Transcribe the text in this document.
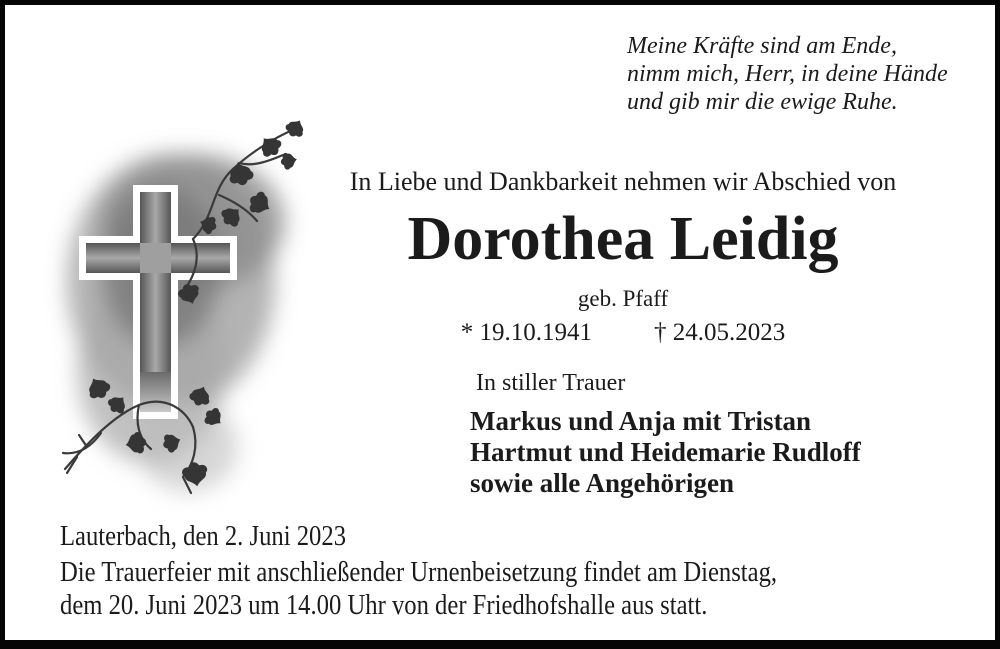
Meine Kräfte sind am Ende,
nimm mich, Herr, in deine Hände
und gib mir die ewige Ruhe.
In Liebe und Dankbarkeit nehmen wir Abschied von
Dorothea Leidig
geb. Pfaff
* 19.10.1941 † 24.05.2023
In stiller Trauer
Markus und Anja mit Tristan
Hartmut und Heidemarie Rudloff
sowie alle Angehörigen
Lauterbach, den 2. Juni 2023
Die Trauerfeier mit anschließender Urnenbeisetzung findet am Dienstag,
dem 20. Juni 2023 um 14.00 Uhr von der Friedhofshalle aus statt.
